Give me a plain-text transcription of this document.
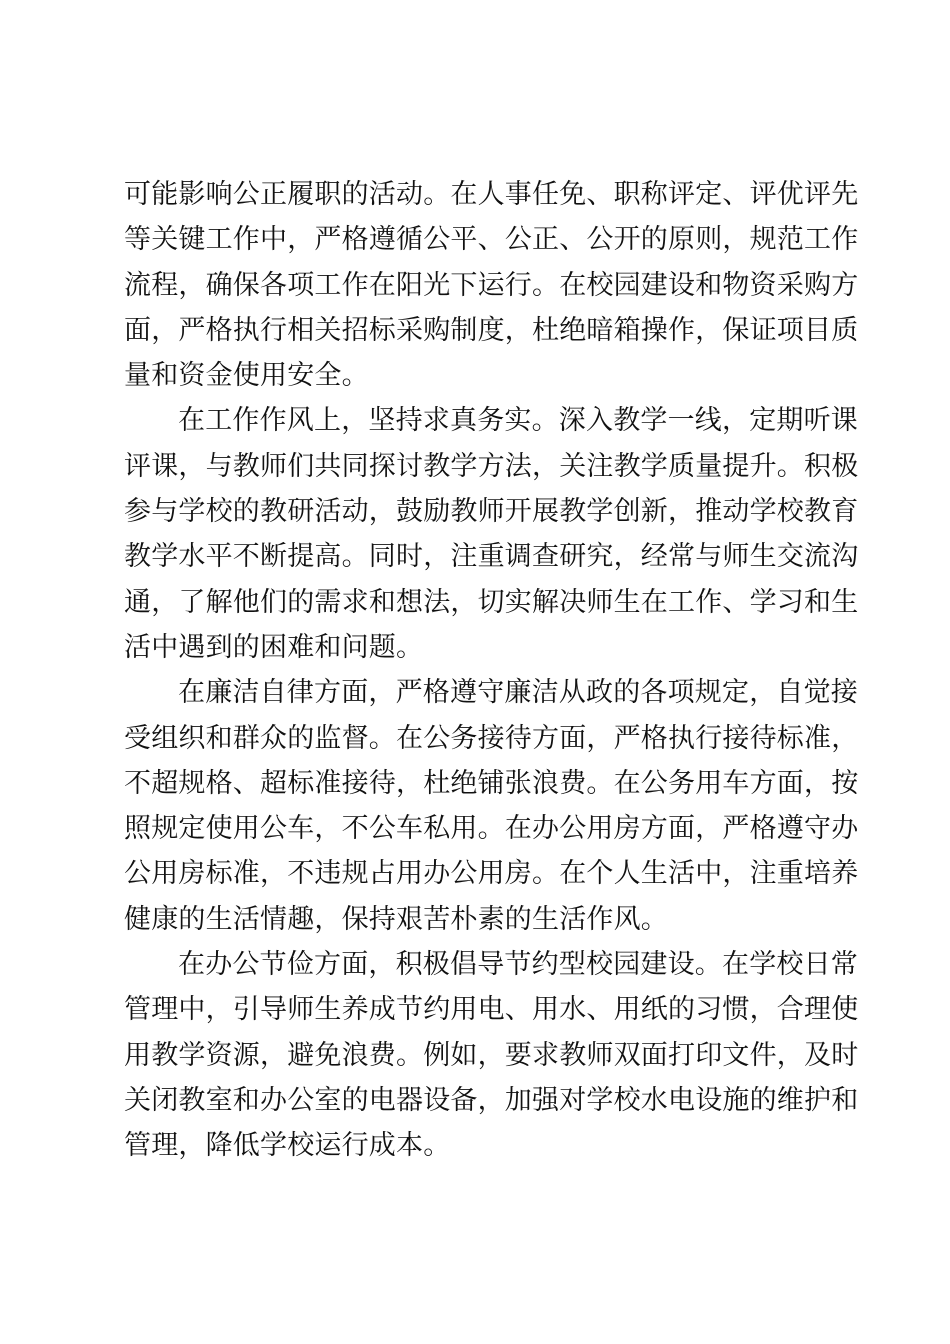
可能影响公正履职的活动。在人事任免、职称评定、评优评先
等关键工作中，严格遵循公平、公正、公开的原则，规范工作
流程，确保各项工作在阳光下运行。在校园建设和物资采购方
面，严格执行相关招标采购制度，杜绝暗箱操作，保证项目质
量和资金使用安全。
在工作作风上，坚持求真务实。深入教学一线，定期听课
评课，与教师们共同探讨教学方法，关注教学质量提升。积极
参与学校的教研活动，鼓励教师开展教学创新，推动学校教育
教学水平不断提高。同时，注重调查研究，经常与师生交流沟
通，了解他们的需求和想法，切实解决师生在工作、学习和生
活中遇到的困难和问题。
在廉洁自律方面，严格遵守廉洁从政的各项规定，自觉接
受组织和群众的监督。在公务接待方面，严格执行接待标准，
不超规格、超标准接待，杜绝铺张浪费。在公务用车方面，按
照规定使用公车，不公车私用。在办公用房方面，严格遵守办
公用房标准，不违规占用办公用房。在个人生活中，注重培养
健康的生活情趣，保持艰苦朴素的生活作风。
在办公节俭方面，积极倡导节约型校园建设。在学校日常
管理中，引导师生养成节约用电、用水、用纸的习惯，合理使
用教学资源，避免浪费。例如，要求教师双面打印文件，及时
关闭教室和办公室的电器设备，加强对学校水电设施的维护和
管理，降低学校运行成本。
